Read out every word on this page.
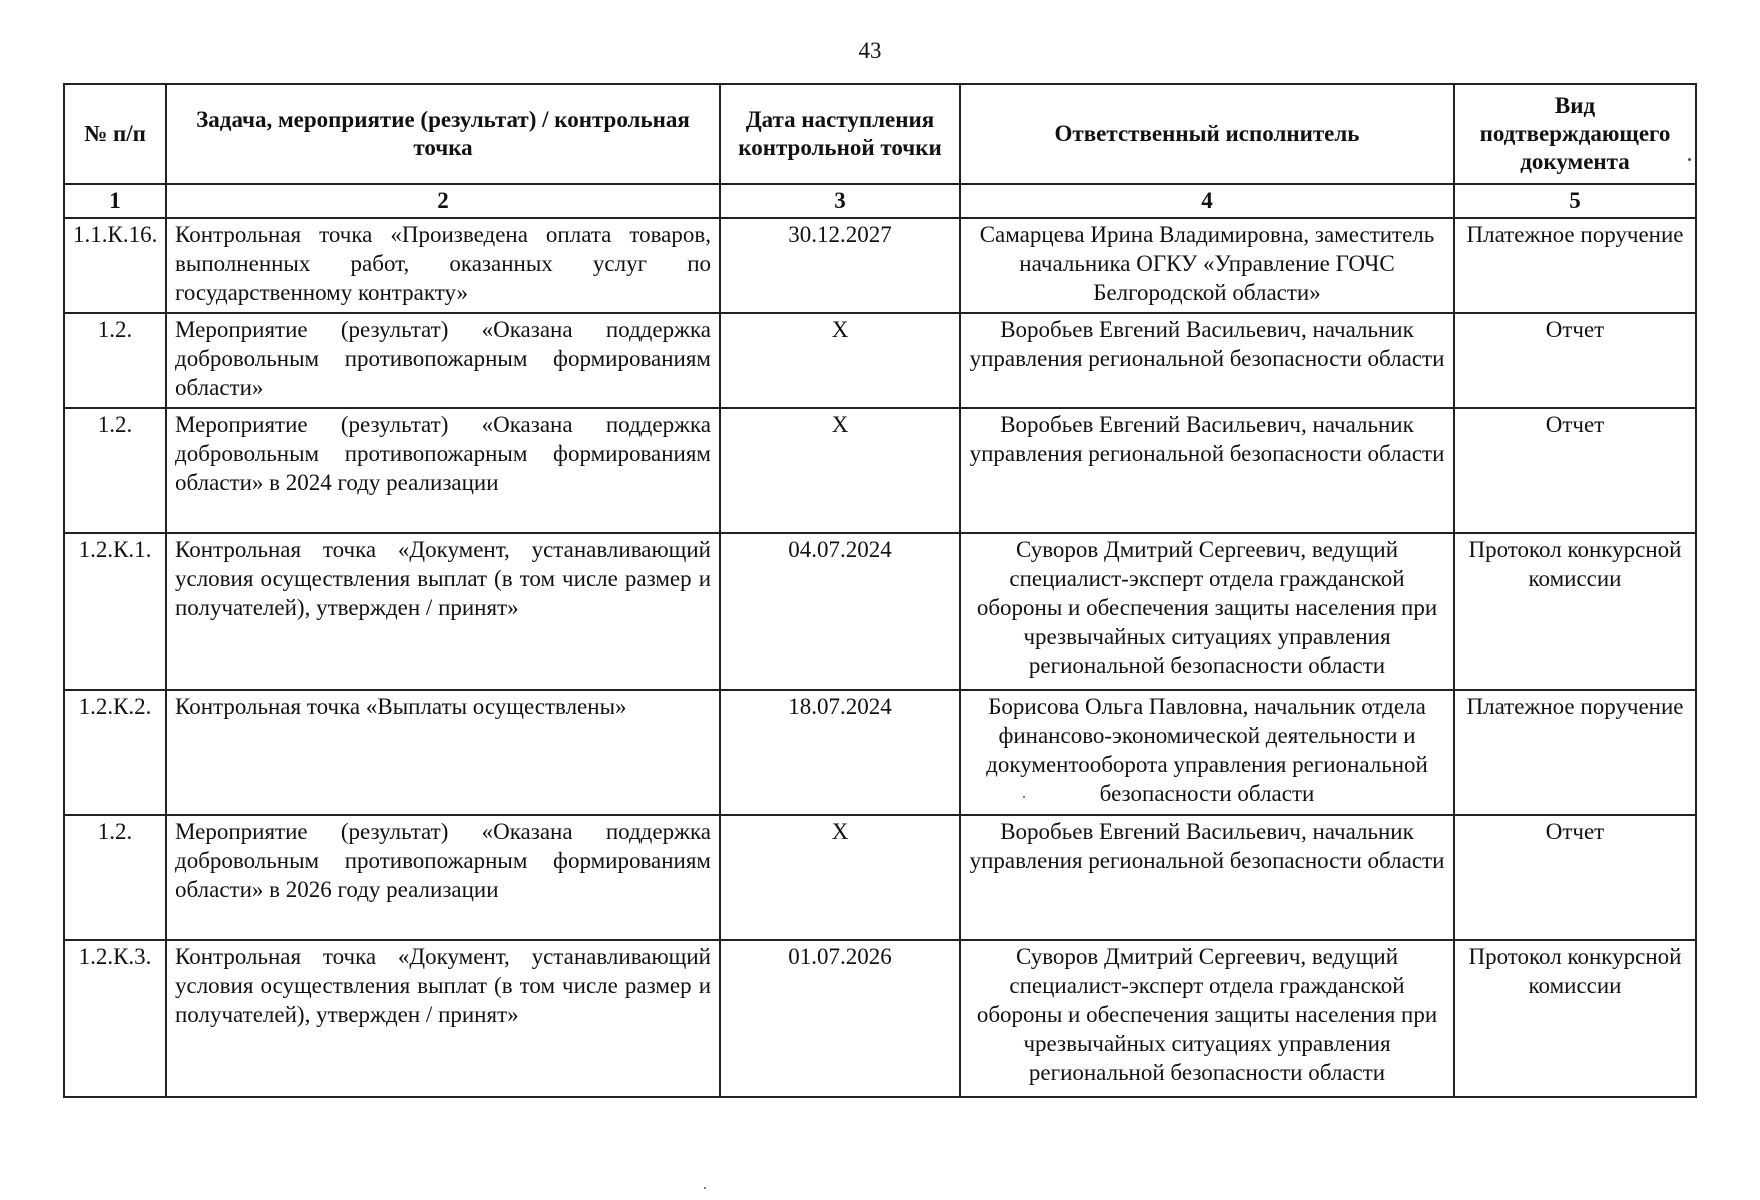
43
№ п/п	Задача, мероприятие (результат) / контрольная точка	Дата наступления контрольной точки	Ответственный исполнитель	Вид подтверждающего документа
1	2	3	4	5
1.1.К.16.	Контрольная точка «Произведена оплата товаров, выполненных работ, оказанных услуг по государственному контракту»	30.12.2027	Самарцева Ирина Владимировна, заместитель начальника ОГКУ «Управление ГОЧС Белгородской области»	Платежное поручение
1.2.	Мероприятие (результат) «Оказана поддержка добровольным противопожарным формированиям области»	X	Воробьев Евгений Васильевич, начальник управления региональной безопасности области	Отчет
1.2.	Мероприятие (результат) «Оказана поддержка добровольным противопожарным формированиям области» в 2024 году реализации	X	Воробьев Евгений Васильевич, начальник управления региональной безопасности области	Отчет
1.2.К.1.	Контрольная точка «Документ, устанавливающий условия осуществления выплат (в том числе размер и получателей), утвержден / принят»	04.07.2024	Суворов Дмитрий Сергеевич, ведущий специалист-эксперт отдела гражданской обороны и обеспечения защиты населения при чрезвычайных ситуациях управления региональной безопасности области	Протокол конкурсной комиссии
1.2.К.2.	Контрольная точка «Выплаты осуществлены»	18.07.2024	Борисова Ольга Павловна, начальник отдела финансово-экономической деятельности и документооборота управления региональной безопасности области	Платежное поручение
1.2.	Мероприятие (результат) «Оказана поддержка добровольным противопожарным формированиям области» в 2026 году реализации	X	Воробьев Евгений Васильевич, начальник управления региональной безопасности области	Отчет
1.2.К.3.	Контрольная точка «Документ, устанавливающий условия осуществления выплат (в том числе размер и получателей), утвержден / принят»	01.07.2026	Суворов Дмитрий Сергеевич, ведущий специалист-эксперт отдела гражданской обороны и обеспечения защиты населения при чрезвычайных ситуациях управления региональной безопасности области	Протокол конкурсной комиссии
